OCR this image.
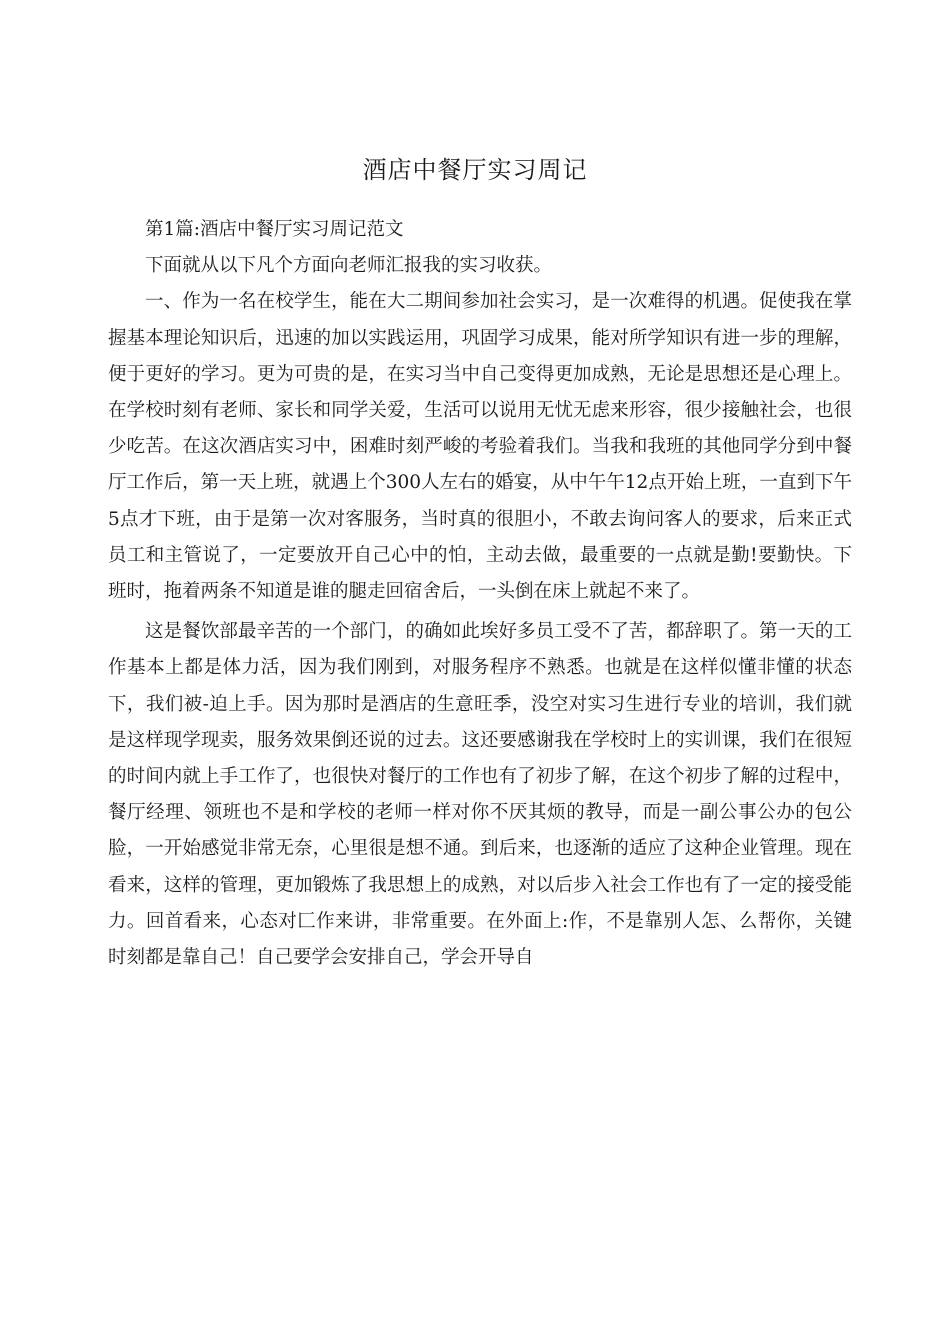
酒店中餐厅实习周记

第1篇:酒店中餐厅实习周记范文

下面就从以下凡个方面向老师汇报我的实习收获。

一、作为一名在校学生，能在大二期间参加社会实习，是一次难得的机遇。促使我在掌握基本理论知识后，迅速的加以实践运用，巩固学习成果，能对所学知识有进一步的理解，便于更好的学习。更为可贵的是，在实习当中自己变得更加成熟，无论是思想还是心理上。在学校时刻有老师、家长和同学关爱，生活可以说用无忧无虑来形容，很少接触社会，也很少吃苦。在这次酒店实习中，困难时刻严峻的考验着我们。当我和我班的其他同学分到中餐厅工作后，第一天上班，就遇上个300人左右的婚宴，从中午午12点开始上班，一直到下午5点才下班，由于是第一次对客服务，当时真的很胆小，不敢去询问客人的要求，后来正式员工和主管说了，一定要放开自己心中的怕，主动去做，最重要的一点就是勤!要勤快。下班时，拖着两条不知道是谁的腿走回宿舍后，一头倒在床上就起不来了。

这是餐饮部最辛苦的一个部门，的确如此埃好多员工受不了苦，都辞职了。第一天的工作基本上都是体力活，因为我们刚到，对服务程序不熟悉。也就是在这样似懂非懂的状态下，我们被-迫上手。因为那时是酒店的生意旺季，没空对实习生进行专业的培训，我们就是这样现学现卖，服务效果倒还说的过去。这还要感谢我在学校时上的实训课，我们在很短的时间内就上手工作了，也很快对餐厅的工作也有了初步了解，在这个初步了解的过程中，餐厅经理、领班也不是和学校的老师一样对你不厌其烦的教导，而是一副公事公办的包公脸，一开始感觉非常无奈，心里很是想不通。到后来，也逐渐的适应了这种企业管理。现在看来，这样的管理，更加锻炼了我思想上的成熟，对以后步入社会工作也有了一定的接受能力。回首看来，心态对匚作来讲，非常重要。在外面上:作，不是靠别人怎、么帮你，关键时刻都是靠自己！自己要学会安排自己，学会开导自
